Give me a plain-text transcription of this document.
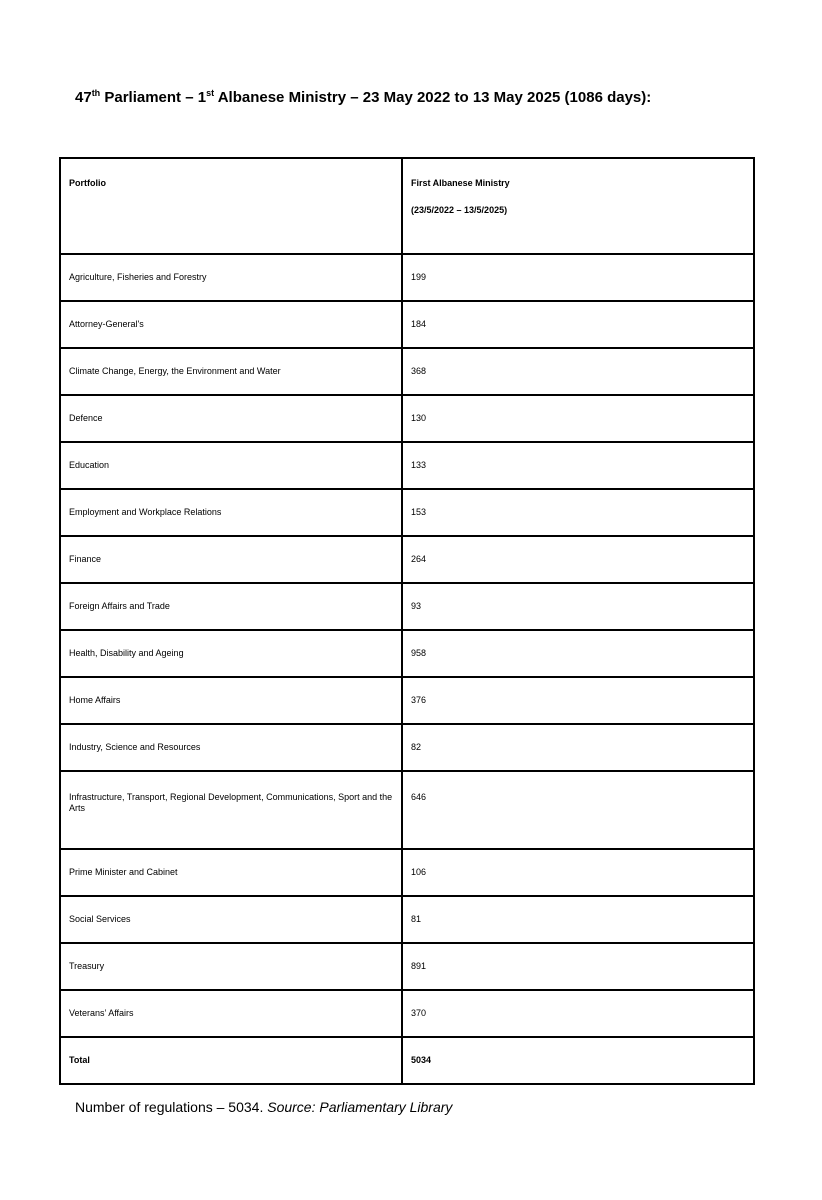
47th Parliament – 1st Albanese Ministry – 23 May 2022 to 13 May 2025 (1086 days):
Portfolio	First Albanese Ministry
(23/5/2022 – 13/5/2025)

Agriculture, Fisheries and Forestry	199
Attorney-General's	184
Climate Change, Energy, the Environment and Water	368
Defence	130
Education	133
Employment and Workplace Relations	153
Finance	264
Foreign Affairs and Trade	93
Health, Disability and Ageing	958
Home Affairs	376
Industry, Science and Resources	82
Infrastructure, Transport, Regional Development, Communications, Sport and the Arts	646
Prime Minister and Cabinet	106
Social Services	81
Treasury	891
Veterans’ Affairs	370
Total	5034
Number of regulations – 5034. Source: Parliamentary Library
